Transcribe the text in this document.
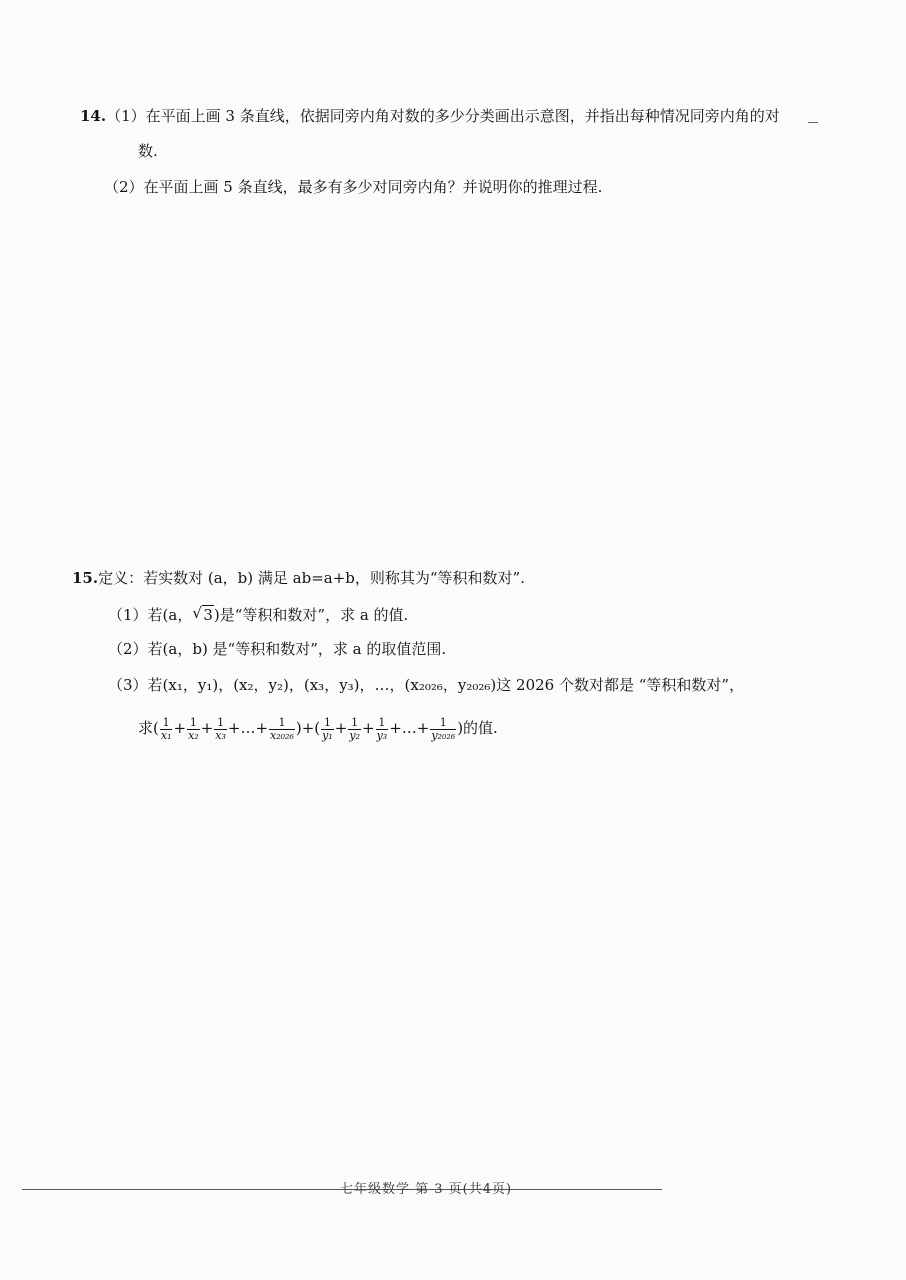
14.（1）在平面上画 3 条直线，依据同旁内角对数的多少分类画出示意图，并指出每种情况同旁内角的对
数.
（2）在平面上画 5 条直线，最多有多少对同旁内角？并说明你的推理过程.
15.定义：若实数对 (a，b) 满足 ab=a+b，则称其为“等积和数对”.
（1）若(a， √ 3)是“等积和数对”，求 a 的值.
（2）若(a，b) 是“等积和数对”，求 a 的取值范围.
（3）若(x₁，y₁)，(x₂，y₂)，(x₃，y₃)，…，(x₂₀₂₆，y₂₀₂₆)这 2026 个数对都是 “等积和数对”，
求( $\frac{1}{\text{x₁}} + \frac{1}{\text{x₂}} + \frac{1}{\text{x₃}}$ +…+ $\frac{1}{\text{x₂₀₂₆}}$ )+( $\frac{1}{\text{y₁}} + \frac{1}{\text{y₂}} + \frac{1}{\text{y₃}}$ +…+ $\frac{1}{\text{y₂₀₂₆}}$ )的值.
七年级数学 第 3 页(共4页)
